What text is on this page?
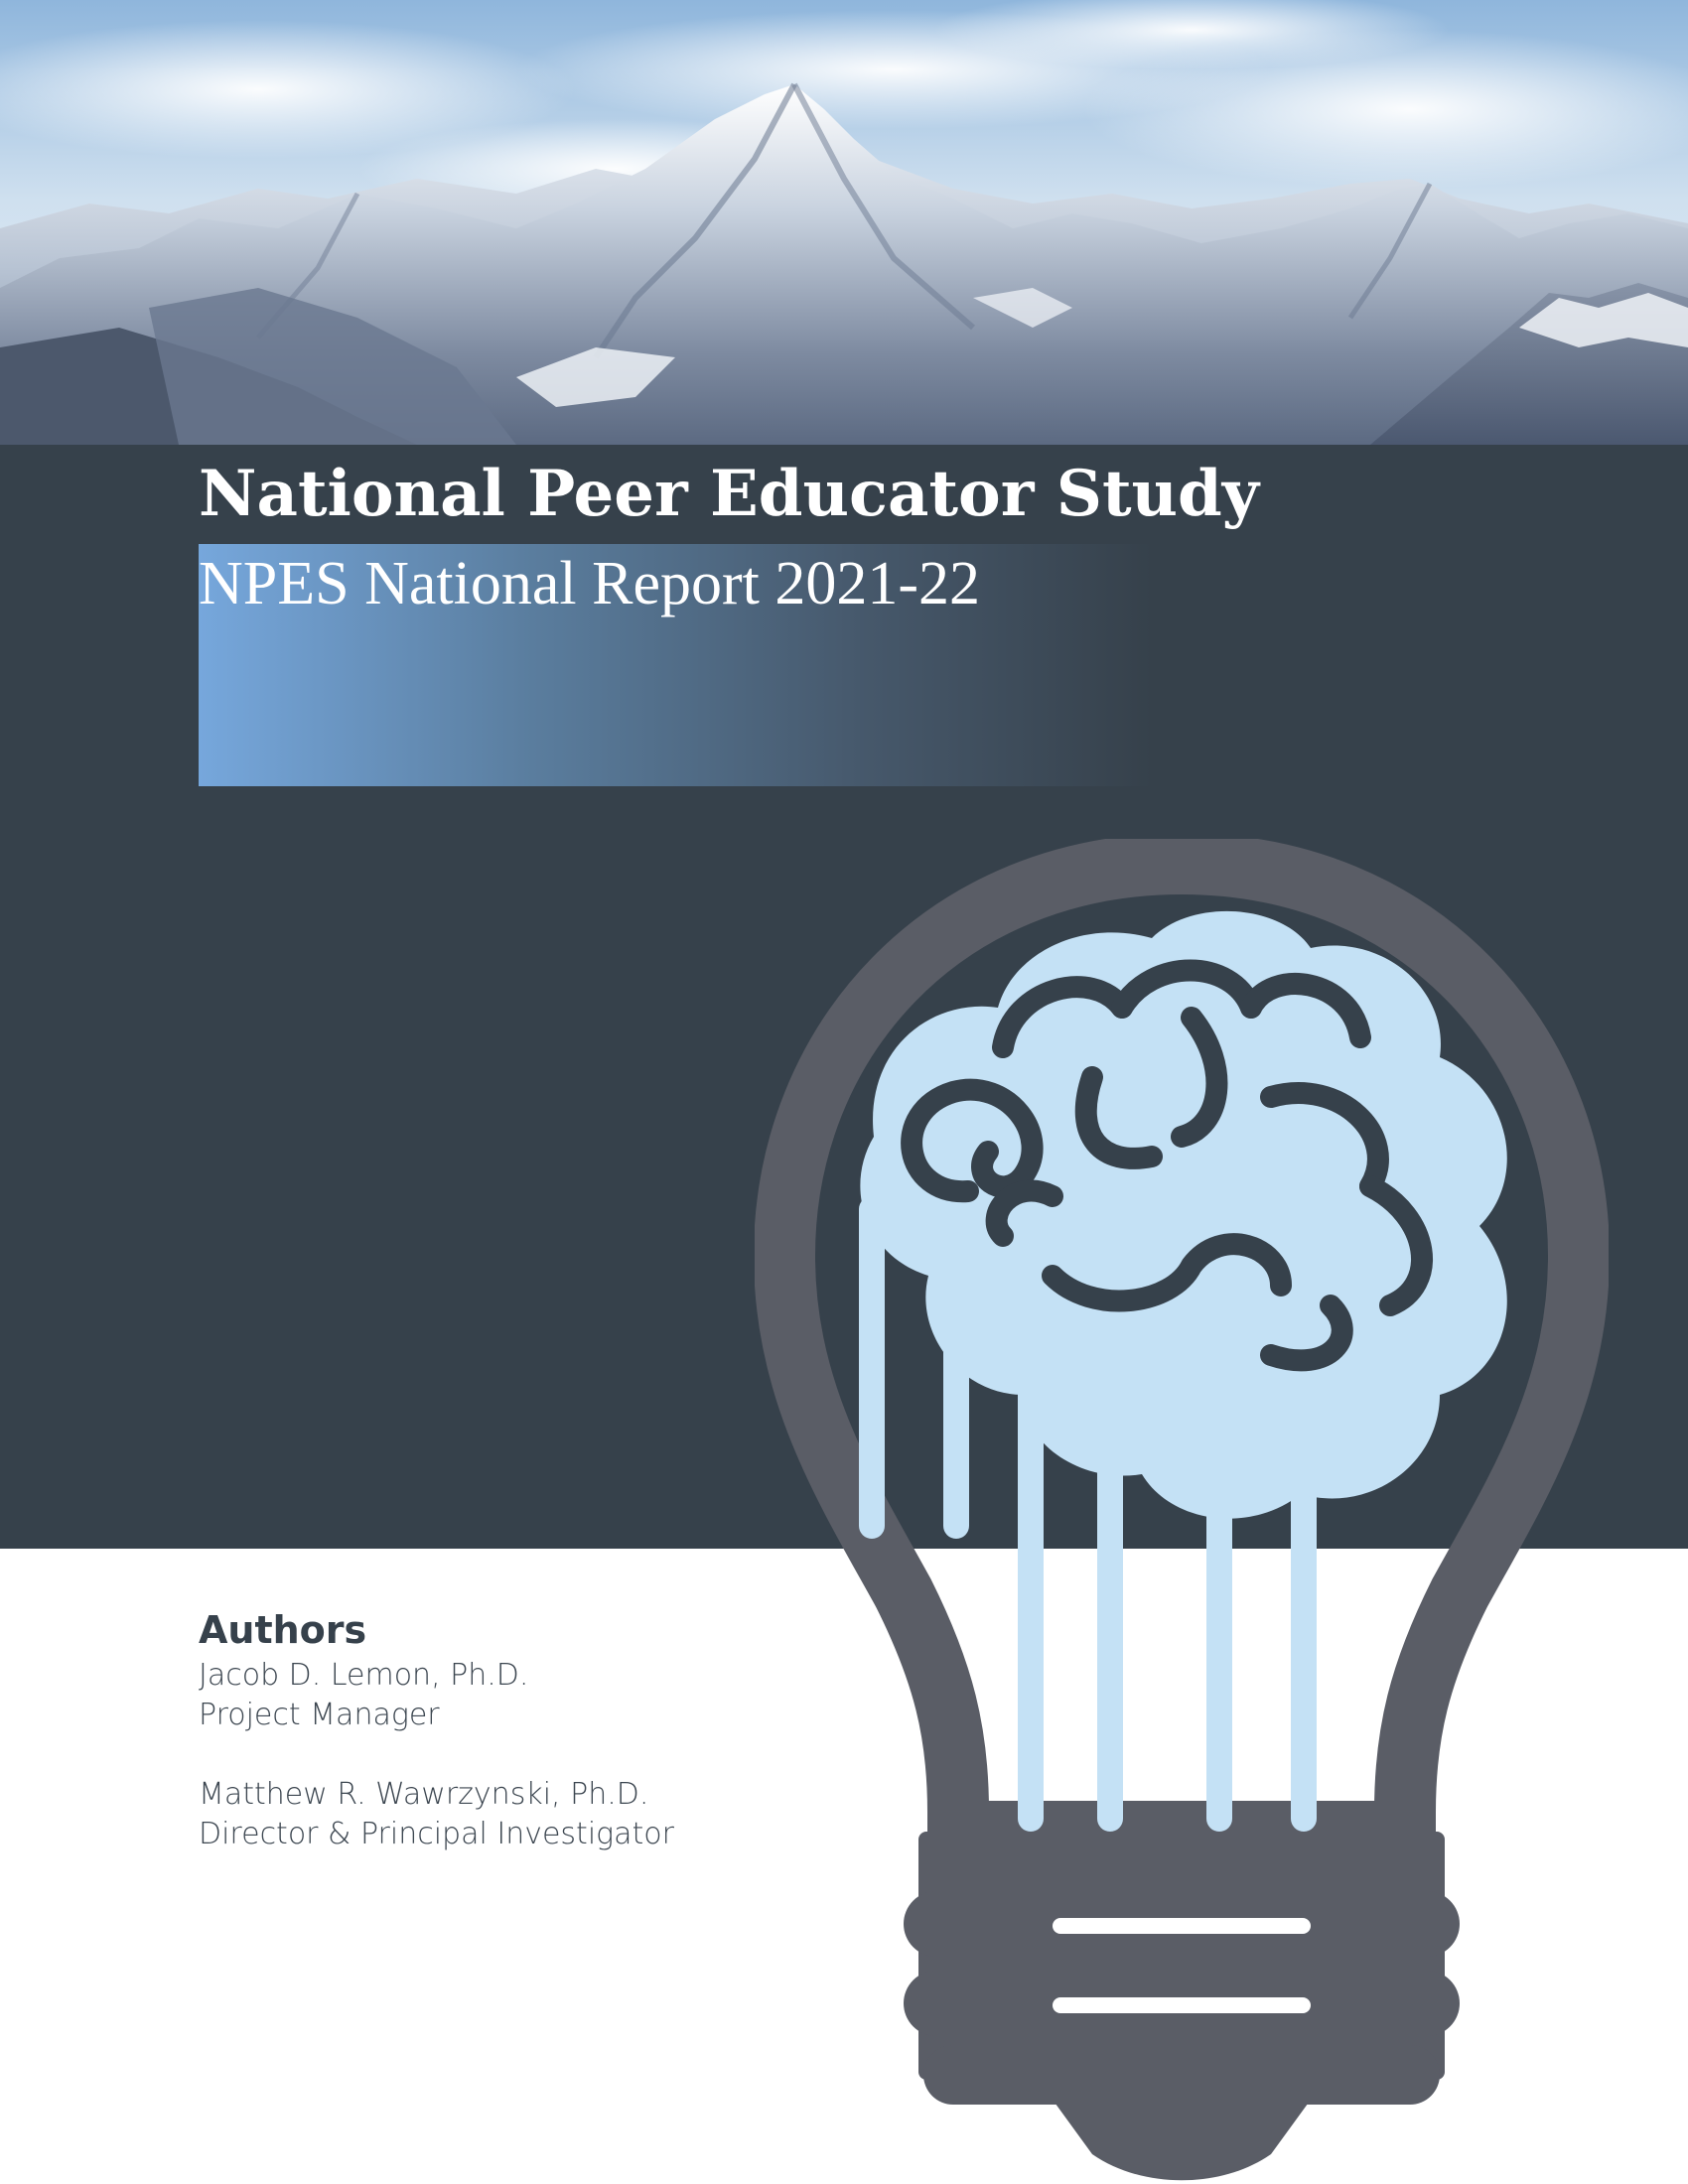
National Peer Educator Study

NPES National Report 2021-22

Authors

Jacob D. Lemon, Ph.D.

Project Manager

Matthew R. Wawrzynski, Ph.D.

Director & Principal Investigator
